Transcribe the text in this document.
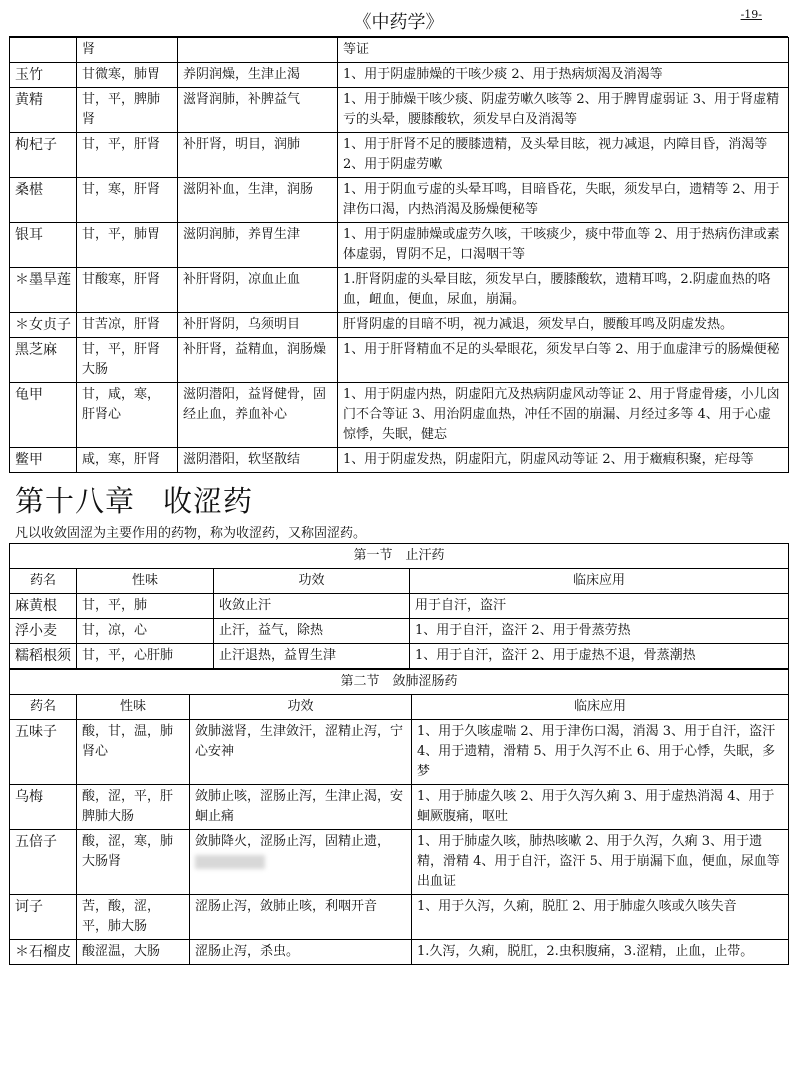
《中药学》	-19-
	肾		等证
玉竹	甘微寒，肺胃	养阴润燥，生津止渴	1、用于阴虚肺燥的干咳少痰 2、用于热病烦渴及消渴等
黄精	甘，平，脾肺肾	滋肾润肺，补脾益气	1、用于肺燥干咳少痰、阴虚劳嗽久咳等 2、用于脾胃虚弱证 3、用于肾虚精亏的头晕，腰膝酸软，须发早白及消渴等
枸杞子	甘，平，肝肾	补肝肾，明目，润肺	1、用于肝肾不足的腰膝遗精，及头晕目眩，视力减退，内障目昏，消渴等 2、用于阴虚劳嗽
桑椹	甘，寒，肝肾	滋阴补血，生津，润肠	1、用于阴血亏虚的头晕耳鸣，目暗昏花，失眠，须发早白，遗精等 2、用于津伤口渴，内热消渴及肠燥便秘等
银耳	甘，平，肺胃	滋阴润肺，养胃生津	1、用于阴虚肺燥或虚劳久咳，干咳痰少，痰中带血等 2、用于热病伤津或素体虚弱，胃阴不足，口渴咽干等
＊墨旱莲	甘酸寒，肝肾	补肝肾阴，凉血止血	1.肝肾阴虚的头晕目眩，须发早白，腰膝酸软，遗精耳鸣，2.阴虚血热的咯血，衄血，便血，尿血，崩漏。
＊女贞子	甘苦凉，肝肾	补肝肾阴，乌须明目	肝肾阴虚的目暗不明，视力减退，须发早白，腰酸耳鸣及阴虚发热。
黑芝麻	甘，平，肝肾大肠	补肝肾，益精血，润肠燥	1、用于肝肾精血不足的头晕眼花，须发早白等 2、用于血虚津亏的肠燥便秘
龟甲	甘，咸，寒，肝肾心	滋阴潜阳，益肾健骨，固经止血，养血补心	1、用于阴虚内热，阴虚阳亢及热病阴虚风动等证 2、用于肾虚骨痿，小儿囟门不合等证 3、用治阴虚血热，冲任不固的崩漏、月经过多等 4、用于心虚惊悸，失眠，健忘
鳖甲	咸，寒，肝肾	滋阴潜阳，软坚散结	1、用于阴虚发热，阴虚阳亢，阴虚风动等证 2、用于癥瘕积聚，疟母等
第十八章 收涩药
凡以收敛固涩为主要作用的药物，称为收涩药，又称固涩药。
第一节　止汗药			
药名	性味	功效	临床应用
麻黄根	甘，平，肺	收敛止汗	用于自汗，盗汗
浮小麦	甘，凉，心	止汗，益气，除热	1、用于自汗，盗汗 2、用于骨蒸劳热
糯稻根须	甘，平，心肝肺	止汗退热，益胃生津	1、用于自汗，盗汗 2、用于虚热不退，骨蒸潮热
第二节　敛肺涩肠药			
药名	性味	功效	临床应用
五味子	酸，甘，温，肺肾心	敛肺滋肾，生津敛汗，涩精止泻，宁心安神	1、用于久咳虚喘 2、用于津伤口渴，消渴 3、用于自汗，盗汗 4、用于遗精，滑精 5、用于久泻不止 6、用于心悸，失眠，多梦
乌梅	酸，涩，平，肝脾肺大肠	敛肺止咳，涩肠止泻，生津止渴，安蛔止痛	1、用于肺虚久咳 2、用于久泻久痢 3、用于虚热消渴 4、用于蛔厥腹痛，呕吐
五倍子	酸，涩，寒，肺大肠肾	敛肺降火，涩肠止泻，固精止遗，	1、用于肺虚久咳，肺热咳嗽 2、用于久泻，久痢 3、用于遗精，滑精 4、用于自汗，盗汗 5、用于崩漏下血，便血，尿血等出血证
诃子	苦，酸，涩，平，肺大肠	涩肠止泻，敛肺止咳，利咽开音	1、用于久泻，久痢，脱肛 2、用于肺虚久咳或久咳失音
＊石榴皮	酸涩温，大肠	涩肠止泻，杀虫。	1.久泻，久痢，脱肛，2.虫积腹痛，3.涩精，止血，止带。
